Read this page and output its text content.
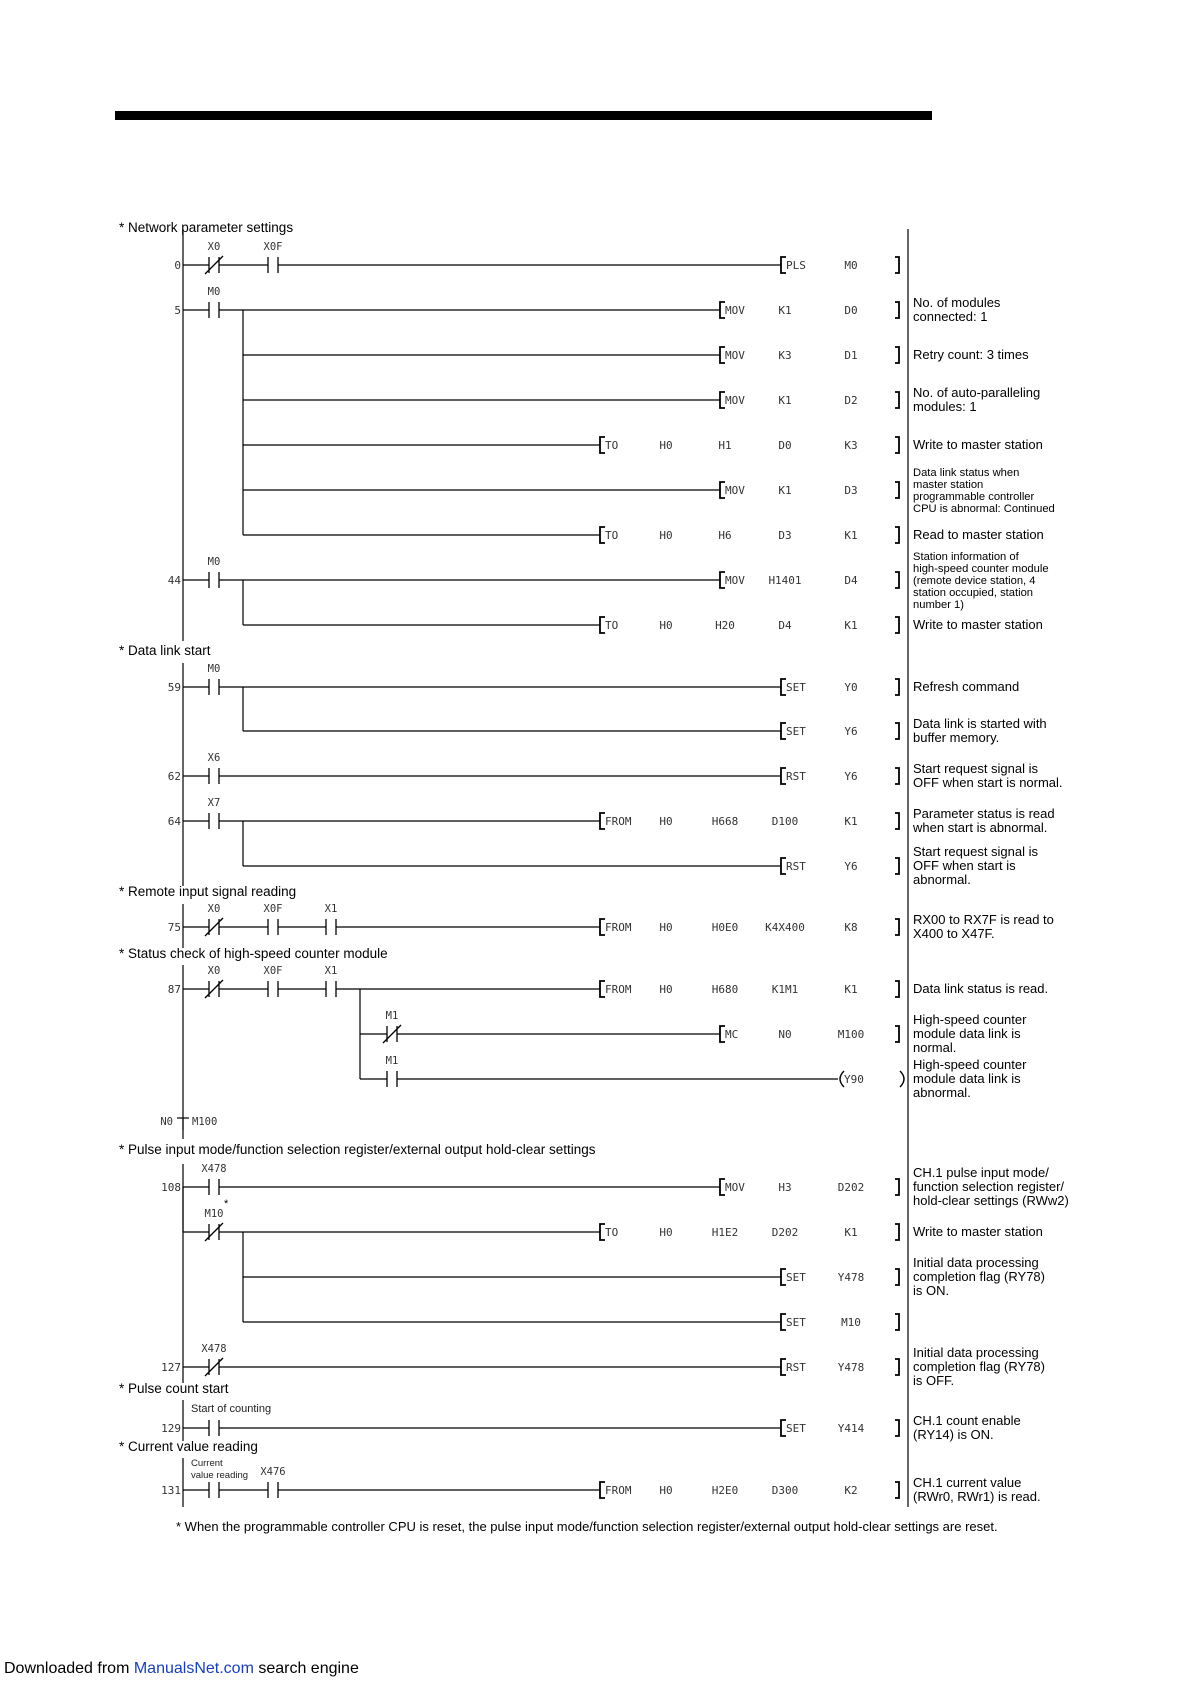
* Network parameter settings
* Data link start
* Remote input signal reading
* Status check of high-speed counter module
* Pulse input mode/function selection register/external output hold-clear settings
* Pulse count start
* Current value reading
0
5
44
59
62
64
75
87
108
127
129
131
X0	X0F
M0
M0
M0
X6
X7
X0	X0F	X1
X0	X0F	X1
M1
M1
X478
M10
X478
Start of counting
Current value reading X476
N0 M100
*
PLS	M0
MOV	K1	D0
No. of modules
connected: 1
MOV	K3	D1	Retry count: 3 times
MOV	K1	D2
No. of auto-paralleling
modules: 1
TO	H0	H1	D0	K3	Write to master station
MOV	K1	D3
Data link status when
master station
programmable controller
CPU is abnormal: Continued
TO	H0	H6	D3	K1	Read to master station
MOV H1401	D4
Station information of
high-speed counter module
(remote device station, 4
station occupied, station
number 1)
TO	H0	H20	D4	K1	Write to master station
SET	Y0	Refresh command
SET	Y6
Data link is started with
buffer memory.
RST	Y6
Start request signal is
OFF when start is normal.
FROM	H0	H668	D100	K1
Parameter status is read
when start is abnormal.
RST	Y6
Start request signal is
OFF when start is
abnormal.
FROM	H0	H0E0 K4X400	K8
RX00 to RX7F is read to
X400 to X47F.
FROM	H0	H680	K1M1	K1	Data link status is read.
MC	N0	M100
High-speed counter
module data link is
normal.
Y90
High-speed counter
module data link is
abnormal.
MOV	H3	D202
CH.1 pulse input mode/
function selection register/
hold-clear settings (RWw2)
TO	H0	H1E2	D202	K1	Write to master station
SET	Y478
Initial data processing
completion flag (RY78)
is ON.
SET	M10
RST	Y478
Initial data processing
completion flag (RY78)
is OFF.
SET	Y414
CH.1 count enable
(RY14) is ON.
FROM	H0	H2E0	D300	K2
CH.1 current value
(RWr0, RWr1) is read.
* When the programmable controller CPU is reset, the pulse input mode/function selection register/external output hold-clear settings are reset.
Downloaded from ManualsNet.com search engine
